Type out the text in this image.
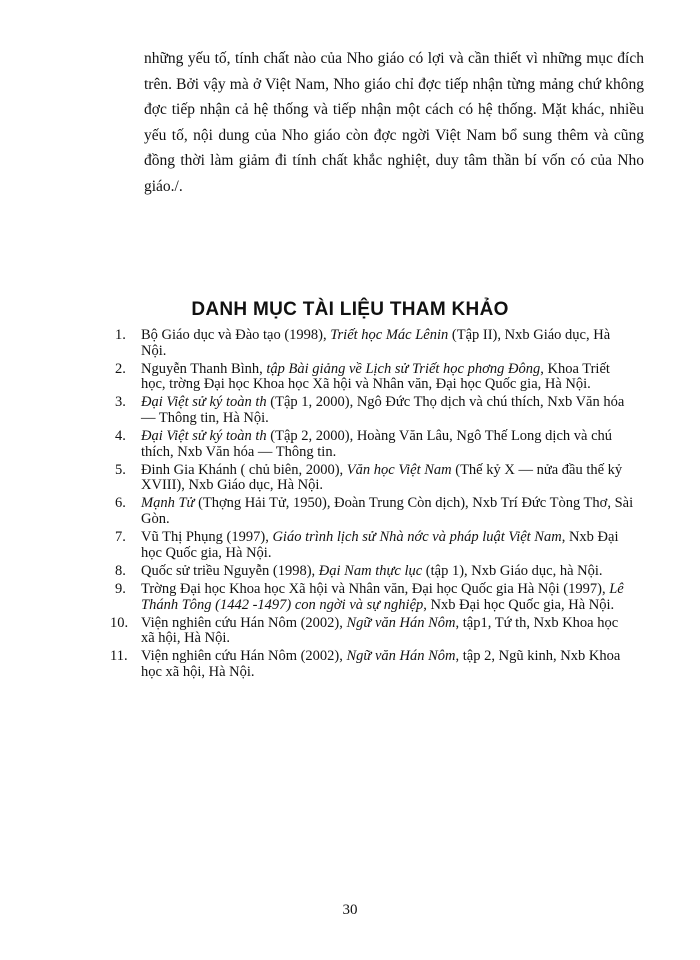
những yếu tố, tính chất nào của Nho giáo có lợi và cần thiết vì những mục đích trên. Bởi vậy mà ở Việt Nam, Nho giáo chỉ đợc tiếp nhận từng mảng chứ không đợc tiếp nhận cả hệ thống và tiếp nhận một cách có hệ thống. Mặt khác, nhiều yếu tố, nội dung của Nho giáo còn đợc ngời Việt Nam bổ sung thêm và cũng đồng thời làm giảm đi tính chất khắc nghiệt, duy tâm thần bí vốn có của Nho giáo./.

DANH MỤC TÀI LIỆU THAM KHẢO
1. Bộ Giáo dục và Đào tạo (1998), Triết học Mác Lênin (Tập II), Nxb Giáo dục, Hà Nội.
2. Nguyễn Thanh Bình, tập Bài giảng về Lịch sử Triết học phơng Đông, Khoa Triết học, trờng Đại học Khoa học Xã hội và Nhân văn, Đại học Quốc gia, Hà Nội.
3. Đại Việt sử ký toàn th (Tập 1, 2000), Ngô Đức Thọ dịch và chú thích, Nxb Văn hóa — Thông tin, Hà Nội.
4. Đại Việt sử ký toàn th (Tập 2, 2000), Hoàng Văn Lâu, Ngô Thế Long dịch và chú thích, Nxb Văn hóa — Thông tin.
5. Đinh Gia Khánh ( chủ biên, 2000), Văn học Việt Nam (Thế kỷ X — nửa đầu thế kỷ XVIII), Nxb Giáo dục, Hà Nội.
6. Mạnh Tử (Thợng Hải Tử, 1950), Đoàn Trung Còn dịch), Nxb Trí Đức Tòng Thơ, Sài Gòn.
7. Vũ Thị Phụng (1997), Giáo trình lịch sử Nhà nớc và pháp luật Việt Nam, Nxb Đại học Quốc gia, Hà Nội.
8. Quốc sử triều Nguyễn (1998), Đại Nam thực lục (tập 1), Nxb Giáo dục, hà Nội.
9. Trờng Đại học Khoa học Xã hội và Nhân văn, Đại học Quốc gia Hà Nội (1997), Lê Thánh Tông (1442 -1497) con ngời và sự nghiệp, Nxb Đại học Quốc gia, Hà Nội.
10. Viện nghiên cứu Hán Nôm (2002), Ngữ văn Hán Nôm, tập1, Tứ th, Nxb Khoa học xã hội, Hà Nội.
11. Viện nghiên cứu Hán Nôm (2002), Ngữ văn Hán Nôm, tập 2, Ngũ kinh, Nxb Khoa học xã hội, Hà Nội.

30
